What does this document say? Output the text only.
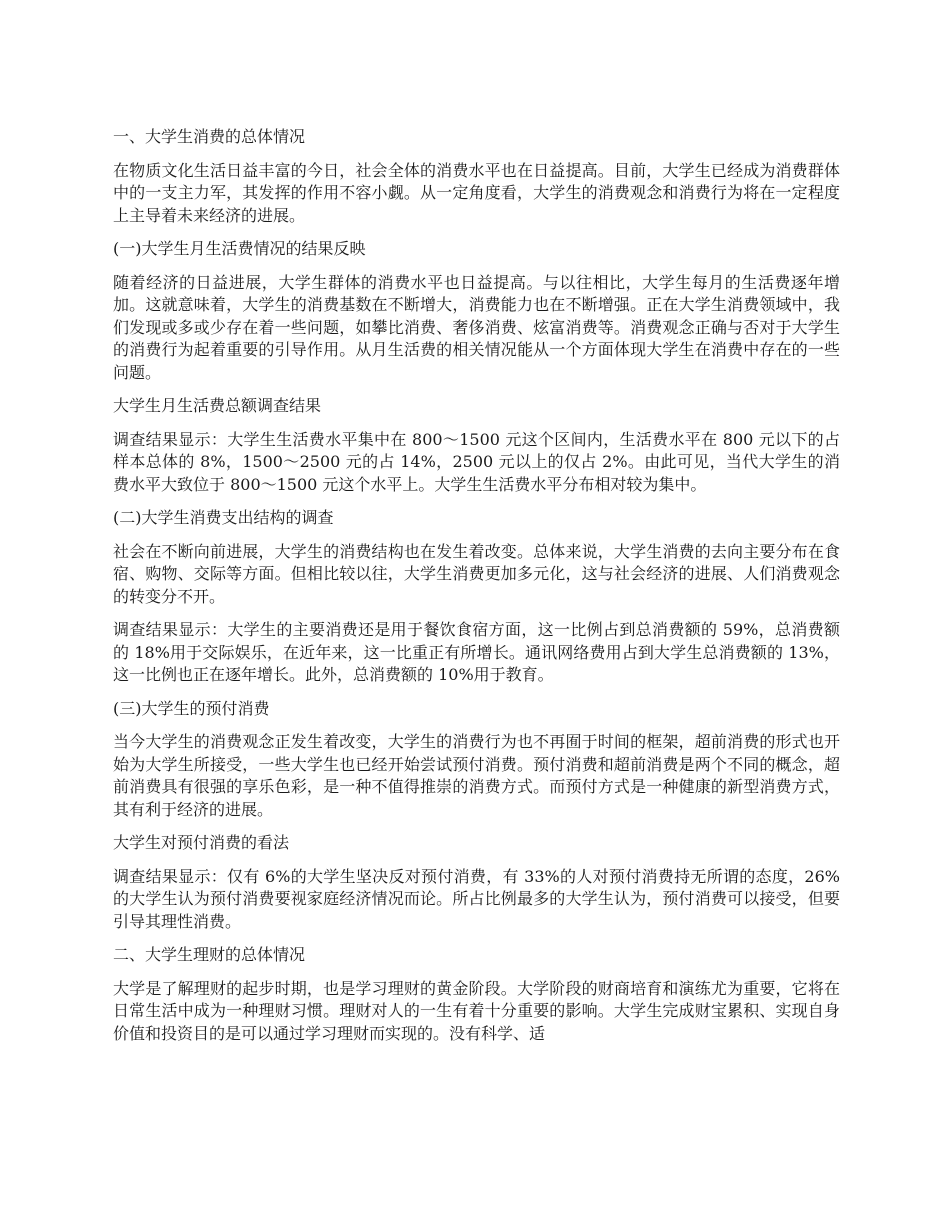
一、大学生消费的总体情况

在物质文化生活日益丰富的今日，社会全体的消费水平也在日益提高。目前，大学生已经成为消费群体中的一支主力军，其发挥的作用不容小觑。从一定角度看，大学生的消费观念和消费行为将在一定程度上主导着未来经济的进展。

(一)大学生月生活费情况的结果反映

随着经济的日益进展，大学生群体的消费水平也日益提高。与以往相比，大学生每月的生活费逐年增加。这就意味着，大学生的消费基数在不断增大，消费能力也在不断增强。正在大学生消费领域中，我们发现或多或少存在着一些问题，如攀比消费、奢侈消费、炫富消费等。消费观念正确与否对于大学生的消费行为起着重要的引导作用。从月生活费的相关情况能从一个方面体现大学生在消费中存在的一些问题。

大学生月生活费总额调查结果

调查结果显示：大学生生活费水平集中在 800～1500 元这个区间内，生活费水平在 800 元以下的占样本总体的 8%，1500～2500 元的占 14%，2500 元以上的仅占 2%。由此可见，当代大学生的消费水平大致位于 800～1500 元这个水平上。大学生生活费水平分布相对较为集中。

(二)大学生消费支出结构的调查

社会在不断向前进展，大学生的消费结构也在发生着改变。总体来说，大学生消费的去向主要分布在食宿、购物、交际等方面。但相比较以往，大学生消费更加多元化，这与社会经济的进展、人们消费观念的转变分不开。

调查结果显示：大学生的主要消费还是用于餐饮食宿方面，这一比例占到总消费额的 59%，总消费额的 18%用于交际娱乐，在近年来，这一比重正有所增长。通讯网络费用占到大学生总消费额的 13%，这一比例也正在逐年增长。此外，总消费额的 10%用于教育。

(三)大学生的预付消费

当今大学生的消费观念正发生着改变，大学生的消费行为也不再囿于时间的框架，超前消费的形式也开始为大学生所接受，一些大学生也已经开始尝试预付消费。预付消费和超前消费是两个不同的概念，超前消费具有很强的享乐色彩，是一种不值得推崇的消费方式。而预付方式是一种健康的新型消费方式，其有利于经济的进展。

大学生对预付消费的看法

调查结果显示：仅有 6%的大学生坚决反对预付消费，有 33%的人对预付消费持无所谓的态度，26%的大学生认为预付消费要视家庭经济情况而论。所占比例最多的大学生认为，预付消费可以接受，但要引导其理性消费。

二、大学生理财的总体情况

大学是了解理财的起步时期，也是学习理财的黄金阶段。大学阶段的财商培育和演练尤为重要，它将在日常生活中成为一种理财习惯。理财对人的一生有着十分重要的影响。大学生完成财宝累积、实现自身价值和投资目的是可以通过学习理财而实现的。没有科学、适
